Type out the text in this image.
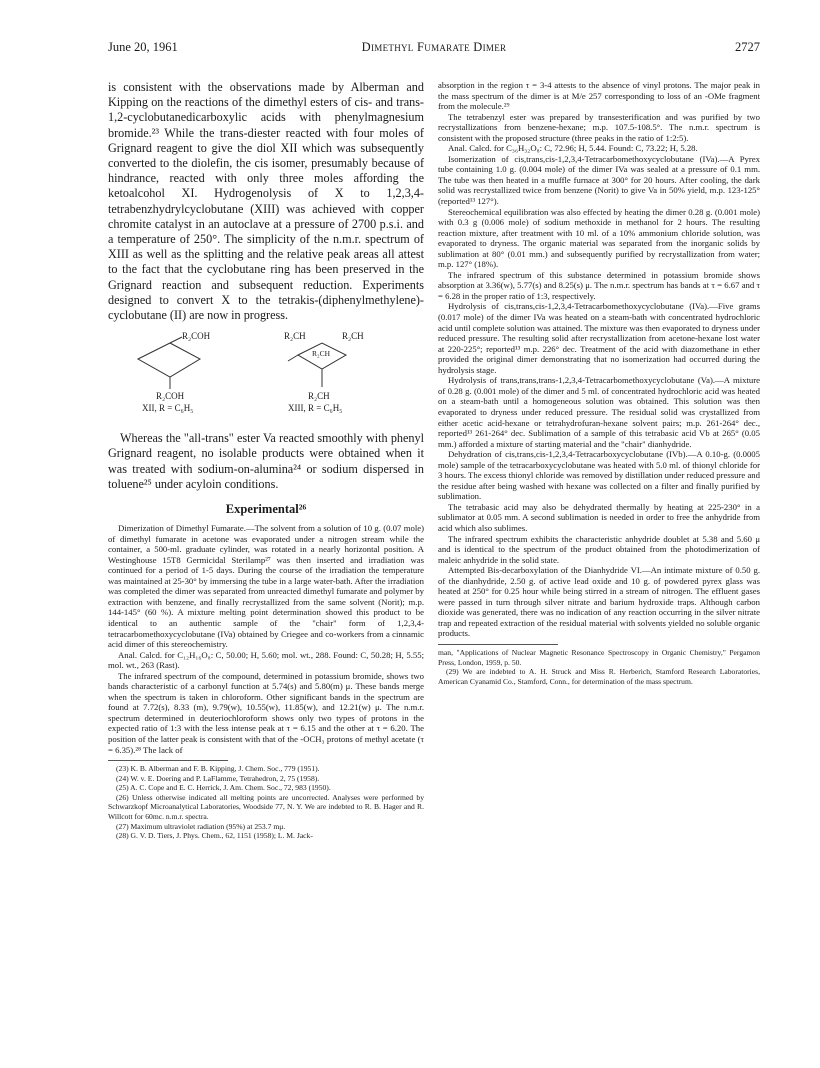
June 20, 1961	Dimethyl Fumarate Dimer	2727

is consistent with the observations made by Alberman and Kipping on the reactions of the dimethyl esters of cis- and trans-1,2-cyclobutanedicarboxylic acids with phenylmagnesium bromide.²³ While the trans-diester reacted with four moles of Grignard reagent to give the diol XII which was subsequently converted to the diolefin, the cis isomer, presumably because of hindrance, reacted with only three moles affording the ketoalcohol XI. Hydrogenolysis of X to 1,2,3,4-tetrabenzhydrylcyclobutane (XIII) was achieved with copper chromite catalyst in an autoclave at a pressure of 2700 p.s.i. and a temperature of 250°. The simplicity of the n.m.r. spectrum of XIII as well as the splitting and the relative peak areas all attest to the fact that the cyclobutane ring has been preserved in the Grignard reaction and subsequent reduction. Experiments designed to convert X to the tetrakis-(diphenylmethylene)-cyclobutane (II) are now in progress.

R₂COH
R₂COH
XII, R = C₆H₅
R₂CH	R₂CH
R₂CH
R₂CH
XIII, R = C₆H₅

Whereas the "all-trans" ester Va reacted smoothly with phenyl Grignard reagent, no isolable products were obtained when it was treated with sodium-on-alumina²⁴ or sodium dispersed in toluene²⁵ under acyloin conditions.

Experimental²⁶

Dimerization of Dimethyl Fumarate.—The solvent from a solution of 10 g. (0.07 mole) of dimethyl fumarate in acetone was evaporated under a nitrogen stream while the container, a 500-ml. graduate cylinder, was rotated in a nearly horizontal position. A Westinghouse 15T8 Germicidal Sterilamp²⁷ was then inserted and irradiation was continued for a period of 1-5 days. During the course of the irradiation the temperature was maintained at 25-30° by immersing the tube in a large water-bath. After the irradiation was completed the dimer was separated from unreacted dimethyl fumarate and polymer by extraction with benzene, and finally recrystallized from the same solvent (Norit); m.p. 144-145° (60 %). A mixture melting point determination showed this product to be identical to an authentic sample of the "chair" form of 1,2,3,4-tetracarbomethoxycyclobutane (IVa) obtained by Criegee and co-workers from a cinnamic acid dimer of this stereochemistry.

Anal. Calcd. for C₁₂H₁₆O₈: C, 50.00; H, 5.60; mol. wt., 288. Found: C, 50.28; H, 5.55; mol. wt., 263 (Rast).

The infrared spectrum of the compound, determined in potassium bromide, shows two bands characteristic of a carbonyl function at 5.74(s) and 5.80(m) μ. These bands merge when the spectrum is taken in chloroform. Other significant bands in the spectrum are found at 7.72(s), 8.33 (m), 9.79(w), 10.55(w), 11.85(w), and 12.21(w) μ. The n.m.r. spectrum determined in deuteriochloroform shows only two types of protons in the expected ratio of 1:3 with the less intense peak at τ = 6.15 and the other at τ = 6.20. The position of the latter peak is consistent with that of the -OCH₃ protons of methyl acetate (τ = 6.35).²⁸ The lack of

(23) K. B. Alberman and F. B. Kipping, J. Chem. Soc., 779 (1951).

(24) W. v. E. Doering and P. LaFlamme, Tetrahedron, 2, 75 (1958).

(25) A. C. Cope and E. C. Herrick, J. Am. Chem. Soc., 72, 983 (1950).

(26) Unless otherwise indicated all melting points are uncorrected. Analyses were performed by Schwarzkopf Microanalytical Laboratories, Woodside 77, N. Y. We are indebted to R. B. Hager and R. Willcott for 60mc. n.m.r. spectra.

(27) Maximum ultraviolet radiation (95%) at 253.7 mμ.

(28) G. V. D. Tiers, J. Phys. Chem., 62, 1151 (1958); L. M. Jack-

absorption in the region τ = 3-4 attests to the absence of vinyl protons. The major peak in the mass spectrum of the dimer is at M/e 257 corresponding to loss of an -OMe fragment from the molecule.²⁹

The tetrabenzyl ester was prepared by transesterification and was purified by two recrystallizations from benzene-hexane; m.p. 107.5-108.5°. The n.m.r. spectrum is consistent with the proposed structure (three peaks in the ratio of 1:2:5).

Anal. Calcd. for C₃₆H₃₂O₈: C, 72.96; H, 5.44. Found: C, 73.22; H, 5.28.

Isomerization of cis,trans,cis-1,2,3,4-Tetracarbomethoxycyclobutane (IVa).—A Pyrex tube containing 1.0 g. (0.004 mole) of the dimer IVa was sealed at a pressure of 0.1 mm. The tube was then heated in a muffle furnace at 300° for 20 hours. After cooling, the dark solid was recrystallized twice from benzene (Norit) to give Va in 50% yield, m.p. 123-125° (reported¹³ 127°).

Stereochemical equilibration was also effected by heating the dimer 0.28 g. (0.001 mole) with 0.3 g (0.006 mole) of sodium methoxide in methanol for 2 hours. The resulting reaction mixture, after treatment with 10 ml. of a 10% ammonium chloride solution, was evaporated to dryness. The organic material was separated from the inorganic solids by sublimation at 80° (0.01 mm.) and subsequently purified by recrystallization from water; m.p. 127° (18%).

The infrared spectrum of this substance determined in potassium bromide shows absorption at 3.36(w), 5.77(s) and 8.25(s) μ. The n.m.r. spectrum has bands at τ = 6.67 and τ = 6.28 in the proper ratio of 1:3, respectively.

Hydrolysis of cis,trans,cis-1,2,3,4-Tetracarbomethoxycyclobutane (IVa).—Five grams (0.017 mole) of the dimer IVa was heated on a steam-bath with concentrated hydrochloric acid until complete solution was attained. The mixture was then evaporated to dryness under reduced pressure. The resulting solid after recrystallization from acetone-hexane lost water at 220-225°; reported¹³ m.p. 226° dec. Treatment of the acid with diazomethane in ether provided the original dimer demonstrating that no isomerization had occurred during the hydrolysis stage.

Hydrolysis of trans,trans,trans-1,2,3,4-Tetracarbomethoxycyclobutane (Va).—A mixture of 0.28 g. (0.001 mole) of the dimer and 5 ml. of concentrated hydrochloric acid was heated on a steam-bath until a homogeneous solution was obtained. This solution was then evaporated to dryness under reduced pressure. The residual solid was crystallized from either acetic acid-hexane or tetrahydrofuran-hexane solvent pairs; m.p. 261-264° dec., reported¹³ 261-264° dec. Sublimation of a sample of this tetrabasic acid Vb at 265° (0.05 mm.) afforded a mixture of starting material and the "chair" dianhydride.

Dehydration of cis,trans,cis-1,2,3,4-Tetracarboxycyclobutane (IVb).—A 0.10-g. (0.0005 mole) sample of the tetracarboxycyclobutane was heated with 5.0 ml. of thionyl chloride for 3 hours. The excess thionyl chloride was removed by distillation under reduced pressure and the residue after being washed with hexane was collected on a filter and finally purified by sublimation.

The tetrabasic acid may also be dehydrated thermally by heating at 225-230° in a sublimator at 0.05 mm. A second sublimation is needed in order to free the anhydride from acid which also sublimes.

The infrared spectrum exhibits the characteristic anhydride doublet at 5.38 and 5.60 μ and is identical to the spectrum of the product obtained from the photodimerization of maleic anhydride in the solid state.

Attempted Bis-decarboxylation of the Dianhydride VI.—An intimate mixture of 0.50 g. of the dianhydride, 2.50 g. of active lead oxide and 10 g. of powdered pyrex glass was heated at 250° for 0.25 hour while being stirred in a stream of nitrogen. The effluent gases were passed in turn through silver nitrate and barium hydroxide traps. Although carbon dioxide was generated, there was no indication of any reaction occurring in the silver nitrate trap and repeated extraction of the residual material with solvents yielded no soluble organic products.

man, "Applications of Nuclear Magnetic Resonance Spectroscopy in Organic Chemistry," Pergamon Press, London, 1959, p. 50.

(29) We are indebted to A. H. Struck and Miss R. Herberich, Stamford Research Laboratories, American Cyanamid Co., Stamford, Conn., for determination of the mass spectrum.
